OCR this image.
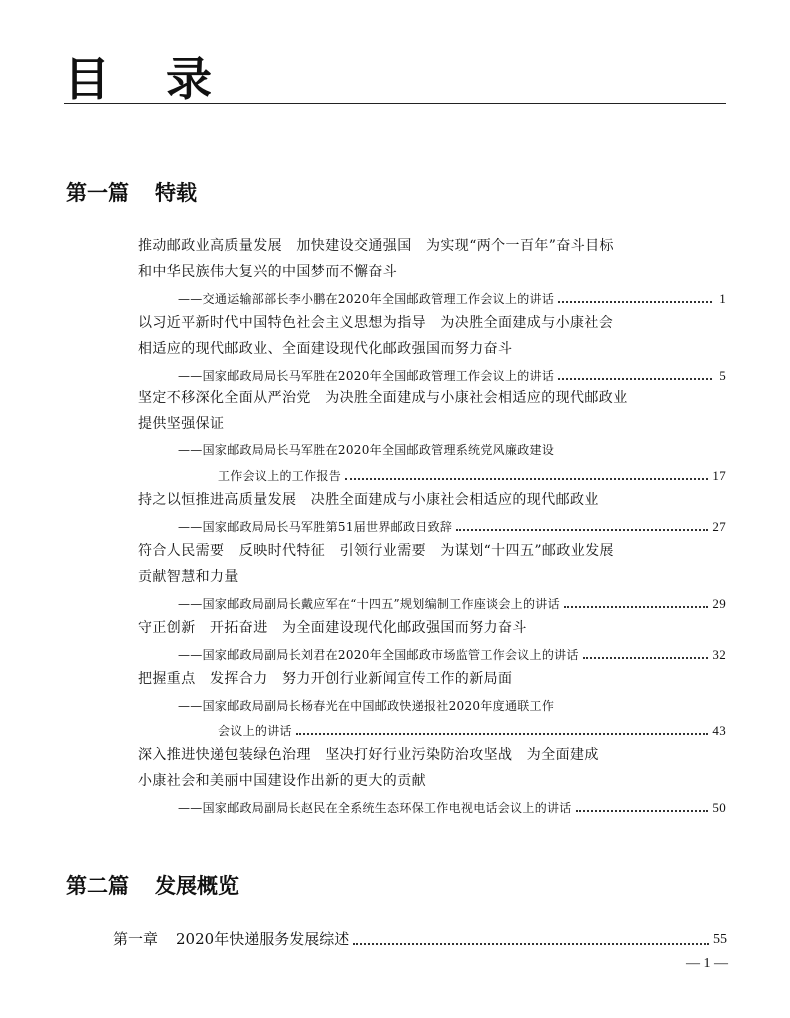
目 录
第一篇 特载
推动邮政业高质量发展　加快建设交通强国　为实现“两个一百年”奋斗目标
和中华民族伟大复兴的中国梦而不懈奋斗
——交通运输部部长李小鹏在2020年全国邮政管理工作会议上的讲话	1
以习近平新时代中国特色社会主义思想为指导　为决胜全面建成与小康社会
相适应的现代邮政业、全面建设现代化邮政强国而努力奋斗
——国家邮政局局长马军胜在2020年全国邮政管理工作会议上的讲话	5
坚定不移深化全面从严治党　为决胜全面建成与小康社会相适应的现代邮政业
提供坚强保证
——国家邮政局局长马军胜在2020年全国邮政管理系统党风廉政建设
工作会议上的工作报告	17
持之以恒推进高质量发展　决胜全面建成与小康社会相适应的现代邮政业
——国家邮政局局长马军胜第51届世界邮政日致辞	27
符合人民需要　反映时代特征　引领行业需要　为谋划“十四五”邮政业发展
贡献智慧和力量
——国家邮政局副局长戴应军在“十四五”规划编制工作座谈会上的讲话	29
守正创新　开拓奋进　为全面建设现代化邮政强国而努力奋斗
——国家邮政局副局长刘君在2020年全国邮政市场监管工作会议上的讲话	32
把握重点　发挥合力　努力开创行业新闻宣传工作的新局面
——国家邮政局副局长杨春光在中国邮政快递报社2020年度通联工作
会议上的讲话	43
深入推进快递包装绿色治理　坚决打好行业污染防治攻坚战　为全面建成
小康社会和美丽中国建设作出新的更大的贡献
——国家邮政局副局长赵民在全系统生态环保工作电视电话会议上的讲话	50
第二篇 发展概览
第一章 2020年快递服务发展综述	55
— 1 —
